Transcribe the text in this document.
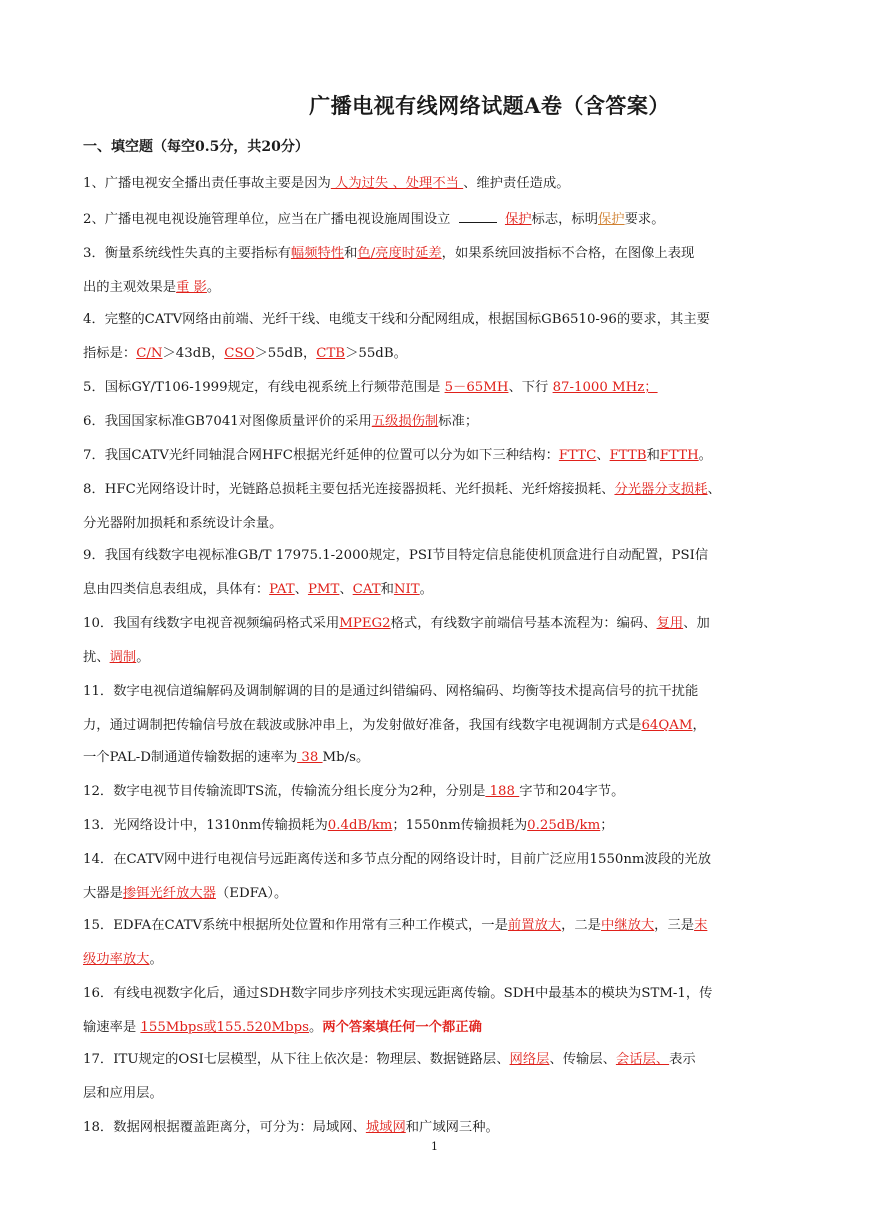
广播电视有线网络试题A卷（含答案）
一、填空题（每空0.5分，共20分）
1、广播电视安全播出责任事故主要是因为 人为过失 、处理不当 、维护责任造成。
2、广播电视电视设施管理单位，应当在广播电视设施周围设立	保护标志，标明保护要求。
3．衡量系统线性失真的主要指标有幅频特性和色/亮度时延差，如果系统回波指标不合格，在图像上表现
出的主观效果是重 影。
4．完整的CATV网络由前端、光纤干线、电缆支干线和分配网组成，根据国标GB6510-96的要求，其主要
指标是：C/N＞43dB，CSO＞55dB，CTB＞55dB。
5．国标GY/T106-1999规定，有线电视系统上行频带范围是 5－65MH、下行 87-1000 MHz；
6．我国国家标准GB7041对图像质量评价的采用五级损伤制标准；
7．我国CATV光纤同轴混合网HFC根据光纤延伸的位置可以分为如下三种结构：FTTC、FTTB和FTTH。
8．HFC光网络设计时，光链路总损耗主要包括光连接器损耗、光纤损耗、光纤熔接损耗、分光器分支损耗、
分光器附加损耗和系统设计余量。
9．我国有线数字电视标准GB/T 17975.1-2000规定，PSI节目特定信息能使机顶盒进行自动配置，PSI信
息由四类信息表组成，具体有：PAT、PMT、CAT和NIT。
10．我国有线数字电视音视频编码格式采用MPEG2格式，有线数字前端信号基本流程为：编码、复用、加
扰、调制。
11．数字电视信道编解码及调制解调的目的是通过纠错编码、网格编码、均衡等技术提高信号的抗干扰能
力，通过调制把传输信号放在载波或脉冲串上，为发射做好准备，我国有线数字电视调制方式是64QAM，
一个PAL-D制通道传输数据的速率为 38 Mb/s。
12．数字电视节目传输流即TS流，传输流分组长度分为2种，分别是 188 字节和204字节。
13．光网络设计中，1310nm传输损耗为0.4dB/km；1550nm传输损耗为0.25dB/km；
14．在CATV网中进行电视信号远距离传送和多节点分配的网络设计时，目前广泛应用1550nm波段的光放
大器是掺铒光纤放大器（EDFA）。
15．EDFA在CATV系统中根据所处位置和作用常有三种工作模式，一是前置放大，二是中继放大，三是末
级功率放大。
16．有线电视数字化后，通过SDH数字同步序列技术实现远距离传输。SDH中最基本的模块为STM-1，传
输速率是 155Mbps或155.520Mbps。两个答案填任何一个都正确
17．ITU规定的OSI七层模型，从下往上依次是：物理层、数据链路层、网络层、传输层、会话层、表示
层和应用层。
18．数据网根据覆盖距离分，可分为：局域网、城域网和广域网三种。
1
